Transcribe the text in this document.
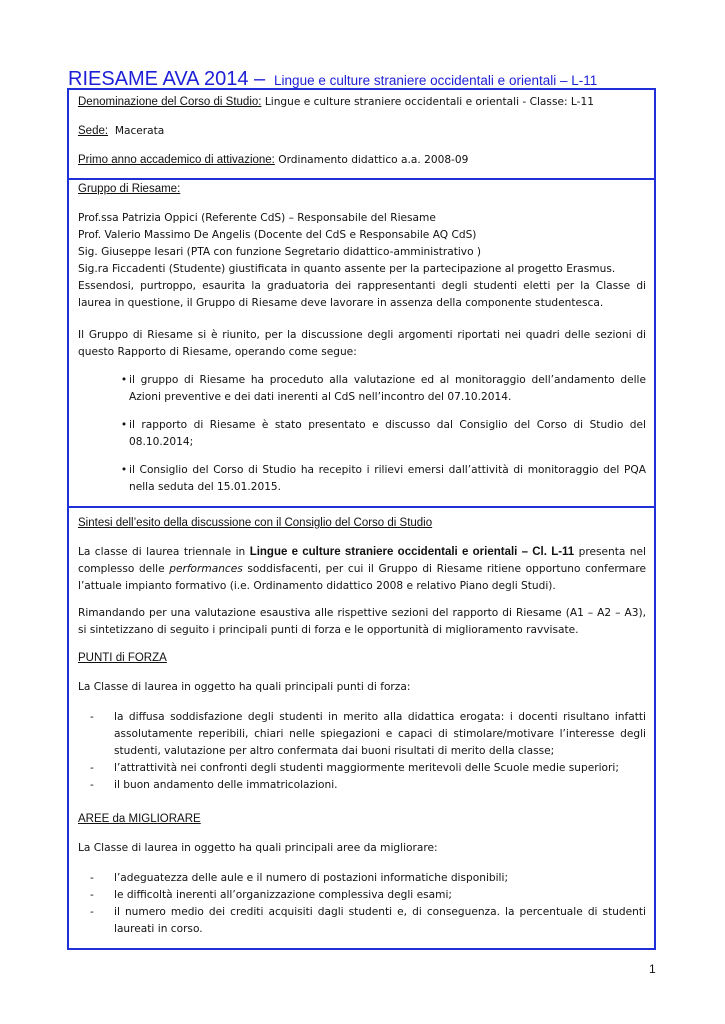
RIESAME AVA 2014 – Lingue e culture straniere occidentali e orientali – L-11

Denominazione del Corso di Studio: Lingue e culture straniere occidentali e orientali - Classe: L-11

Sede: Macerata

Primo anno accademico di attivazione: Ordinamento didattico a.a. 2008-09

Gruppo di Riesame:

Prof.ssa Patrizia Oppici (Referente CdS) – Responsabile del Riesame

Prof. Valerio Massimo De Angelis (Docente del CdS e Responsabile AQ CdS)

Sig. Giuseppe Iesari (PTA con funzione Segretario didattico-amministrativo )

Sig.ra Ficcadenti (Studente) giustificata in quanto assente per la partecipazione al progetto Erasmus.

Essendosi, purtroppo, esaurita la graduatoria dei rappresentanti degli studenti eletti per la Classe di laurea in questione, il Gruppo di Riesame deve lavorare in assenza della componente studentesca.

Il Gruppo di Riesame si è riunito, per la discussione degli argomenti riportati nei quadri delle sezioni di questo Rapporto di Riesame, operando come segue:

• il gruppo di Riesame ha proceduto alla valutazione ed al monitoraggio dell’andamento delle Azioni preventive e dei dati inerenti al CdS nell’incontro del 07.10.2014.

• il rapporto di Riesame è stato presentato e discusso dal Consiglio del Corso di Studio del 08.10.2014;

• il Consiglio del Corso di Studio ha recepito i rilievi emersi dall’attività di monitoraggio del PQA nella seduta del 15.01.2015.

Sintesi dell’esito della discussione con il Consiglio del Corso di Studio

La classe di laurea triennale in Lingue e culture straniere occidentali e orientali – Cl. L-11 presenta nel complesso delle performances soddisfacenti, per cui il Gruppo di Riesame ritiene opportuno confermare l’attuale impianto formativo (i.e. Ordinamento didattico 2008 e relativo Piano degli Studi).

Rimandando per una valutazione esaustiva alle rispettive sezioni del rapporto di Riesame (A1 – A2 – A3), si sintetizzano di seguito i principali punti di forza e le opportunità di miglioramento ravvisate.

PUNTI di FORZA

La Classe di laurea in oggetto ha quali principali punti di forza:

- la diffusa soddisfazione degli studenti in merito alla didattica erogata: i docenti risultano infatti assolutamente reperibili, chiari nelle spiegazioni e capaci di stimolare/motivare l’interesse degli studenti, valutazione per altro confermata dai buoni risultati di merito della classe;

- l’attrattività nei confronti degli studenti maggiormente meritevoli delle Scuole medie superiori;

- il buon andamento delle immatricolazioni.

AREE da MIGLIORARE

La Classe di laurea in oggetto ha quali principali aree da migliorare:

- l’adeguatezza delle aule e il numero di postazioni informatiche disponibili;

- le difficoltà inerenti all’organizzazione complessiva degli esami;

- il numero medio dei crediti acquisiti dagli studenti e, di conseguenza. la percentuale di studenti laureati in corso.

1
